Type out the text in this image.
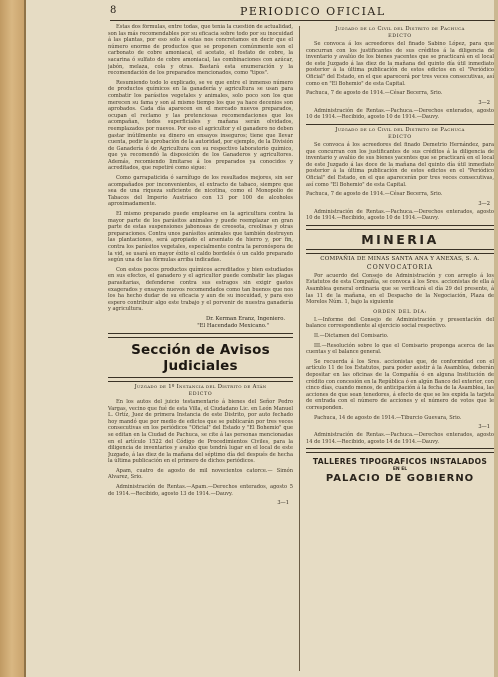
8	PERIODICO OFICIAL

Estas dos fórmulas, entre todas, que tenía la cuestión de actualidad, son las más recomendables por su eficacia sobre todo por su inocuidad á las plantas, por eso solo á estas nos concretamos en decir que el número enorme de productos que se proponen comúnmente son el carbonato de cobre amoniacal, el acetato, el fosfato de cobre, la sacarina ó sulfato de cobre amoniacal, las combinaciones con azúcar, jabón, melaza, cola y otras. Bastará esta enumeración y la recomendación de los preparados mencionados, como "tipos".

Resumiendo todo lo explicado, se ve que entre el inmenso número de productos químicos en la ganadería y agricultura se usan para combatir los parásitos vegetales y animales, solo poco son los que merecen su fama y son al mismo tiempo los que ya hace decenios son aprobados. Cada día aparecen en el mercado nuevos preparados, ocupan el reclamo y las pretenciosas recomendaciones que los acompañan, todos superficiales y mañana serán olvidados, reemplazados por nuevos. Por eso el agricultor y el ganadero no deben gastar inútilmente su dinero en ensayos inseguros; tiene que llevar cuenta, pedir la aprobación de la autoridad, por ejemplo, de la División de Ganadería ó de Agricultura con su respectivo laboratorio químico, que ya recomendó la disposición de los Ganaderos y agricultores. Además, recomiendo limitarse á los preparados ya conocidos y acreditados, que repetiré como sigue:

Como garrapaticida ó sarnífugo de los resultados mejores, sin ser acompañados por inconvenientes, el extracto de tabaco, siempre que sea de una riqueza suficiente de nicotina, como el Monopolio de Tabacos del Imperio Austríaco con 13 por 100 de alcoholes aproximadamente.

El mismo preparado puede emplearse en la agricultura contra la mayor parte de los parásitos animales y puede reemplazar en gran parte de estas suspensiones jabonosas de creosota, creolinas y otras preparaciones. Contra unos parásitos animales que también destruyen las plantaciones, será apropiado el arseniato de hierro y, por fin, contra los parásitos vegetales, especialmente contra la peronóspora de la vid, se usará en mayor éxito el caldo bordelés ó un caldo preparado según una de las fórmulas arriba indicadas.

Con estos pocos productos químicos acreditados y bien estudiados en sus efectos, el ganadero y el agricultor puede combatir las plagas parasitarias, defenderse contra sus estragos sin exigir gastos exagerados y ensayos nuevos recomendados como tan buenos que nos los ha hecho dudar de su eficacia y aun de su inocuidad, y para eso espero contribuir algo este trabajo y el porvenir de nuestra ganadería y agricultura.

Dr. Kerman Eranz, Ingeniero.

"El Hacendado Mexicano."

Sección de Avisos Judiciales
Juzgado de 1º Instancia del Distrito de Atán
EDICTO

En los autos del juicio testamentario á bienes del Señor Pedro Vargas, vecino que fué de esta Villa, el Ciudadano Lic. en León Manuel L. Ortíz, Juez de primera Instancia de este Distrito, por auto fechado hoy mandó que por medio de edictos que se publicarán por tres veces consecutivas en los periódicos "Oficial" del Estado y "El Bohemio" que se editan en la Ciudad de Pachuca, se cite á las personas mencionadas en el artículo 1522 del Código de Procedimientos Civiles, para la diligencia de inventarios y avalúo que tendrá lugar en el local de este Juzgado, á las diez de la mañana del séptimo día del después de hecha la última publicación en el primero de dichos periódicos.

Apam, cuatro de agosto de mil novecientos catorce.— Simón Alvarez, Srio.

Administración de Rentas.—Apam.—Derechos enterados, agosto 5 de 1914.—Recibido, agosto 13 de 1914.—Dauvy.

3—1

Juzgado de lo Civil del Distrito de Pachuca
EDICTO

Se convoca á los acreedores del finado Sabino López, para que concurran con los justificantes de sus créditos á la diligencia de inventario y avalúo de los bienes yacentes que se practicará en el local de este Juzgado á las diez de la mañana del quinto día útil inmediato posterior á la última publicación de estos edictos en el "Periódico Oficial" del Estado, en el que aparecerá por tres veces consecutivas, así como en "El Bohemio" de esta Capital.

Pachuca, 7 de agosto de 1914.—César Becerra, Srio.

3—2

Administración de Rentas.—Pachuca.—Derechos enterados, agosto 10 de 1914.—Recibido, agosto 10 de 1914.—Dauvy.

Juzgado de lo Civil del Distrito de Pachuca
EDICTO

Se convoca á los acreedores del finado Demetrio Hernández, para que concurran con los justificantes de sus créditos á la diligencia de inventario y avalúo de sus bienes yacentes que se practicará en el local de este Juzgado á las doce de la mañana del quinto día útil inmediato posterior á la última publicación de estos edictos en el "Periódico Oficial" del Estado, en el que aparecerán por tres veces consecutivas, así como "El Bohemio" de esta Capital.

Pachuca, 7 de agosto de 1914.—César Becerra, Srio.

3—2

Administración de Rentas.—Pachuca.—Derechos enterados, agosto 10 de 1914.—Recibido, agosto 10 de 1914.—Dauvy.

MINERIA
COMPAÑIA DE MINAS SANTA ANA Y ANEXAS, S. A.
CONVOCATORIA

Por acuerdo del Consejo de Administración y con arreglo á los Estatutos de esta Compañía, se convoca á los Sres. accionistas de ella á Asamblea general ordinaria que se verificará el día 29 del presente, á las 11 de la mañana, en el Despacho de la Negociación, Plaza de Morelos Núm. 1, bajo la siguiente

ORDEN DEL DIA:

I.—Informe del Consejo de Administración y presentación del balance correspondiente al ejercicio social respectivo.

II.—Dictamen del Comisario.

III.—Resolución sobre lo que el Comisario proponga acerca de las cuentas y el balance general.

Se recuerda á los Sres. accionistas que, de conformidad con el artículo 11 de los Estatutos, para poder asistir á la Asamblea, deberán depositar en las oficinas de la Compañía ó en alguna Institución de crédito con concesión en la República ó en algún Banco del exterior, con cinco días, cuando menos, de anticipación á la fecha de la Asamblea, las acciones de que sean tenedores, á efecto de que se les expida la tarjeta de entrada con el número de acciones y el número de votos que le corresponden.

Pachuca, 14 de agosto de 1914.—Tiburcio Guevara, Srio.

3—1

Administración de Rentas.—Pachuca.—Derechos enterados, agosto 14 de 1914.—Recibido, agosto 14 de 1914.—Dauvy.

TALLERES TIPOGRAFICOS INSTALADOS
EN EL
PALACIO DE GOBIERNO
